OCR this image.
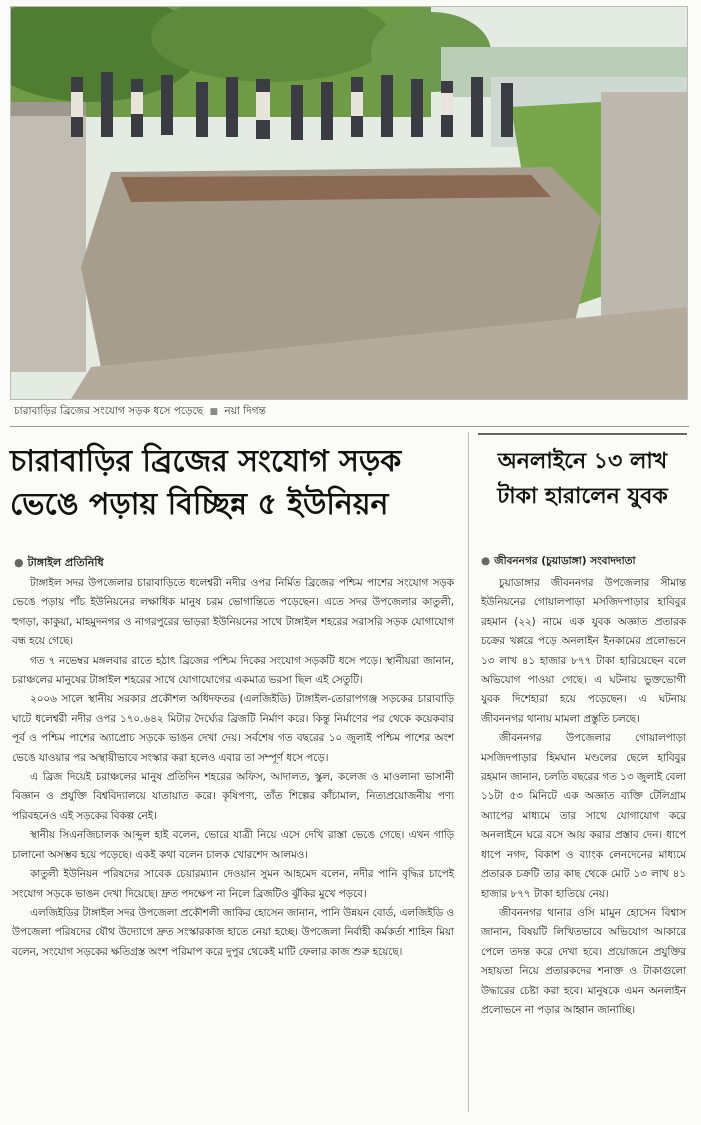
চারাবাড়ির ব্রিজের সংযোগ সড়ক ধসে পড়েছে ■ নয়া দিগন্ত
চারাবাড়ির ব্রিজের সংযোগ সড়ক ভেঙে পড়ায় বিচ্ছিন্ন ৫ ইউনিয়ন
● টাঙ্গাইল প্রতিনিধি

টাঙ্গাইল সদর উপজেলার চারাবাড়িতে ধলেশ্বরী নদীর ওপর নির্মিত ব্রিজের পশ্চিম পাশের সংযোগ সড়ক ভেঙে পড়ায় পাঁচ ইউনিয়নের লক্ষাধিক মানুষ চরম ভোগান্তিতে পড়েছেন। এতে সদর উপজেলার কাতুলী, হুগড়া, কাকুয়া, মাহমুদনগর ও নাগরপুরের ভাড়রা ইউনিয়নের সাথে টাঙ্গাইল শহরের সরাসরি সড়ক যোগাযোগ বন্ধ হয়ে গেছে।

গত ৭ নভেম্বর মঙ্গলবার রাতে হঠাৎ ব্রিজের পশ্চিম দিকের সংযোগ সড়কটি ধসে পড়ে। স্থানীয়রা জানান, চরাঞ্চলের মানুষের টাঙ্গাইল শহরের সাথে যোগাযোগের একমাত্র ভরসা ছিল এই সেতুটি।

২০০৬ সালে স্থানীয় সরকার প্রকৌশল অধিদফতর (এলজিইডি) টাঙ্গাইল-তোরাপগঞ্জ সড়কের চারাবাড়ি ঘাটে ধলেশ্বরী নদীর ওপর ১৭০.৬৪২ মিটার দৈর্ঘ্যের ব্রিজটি নির্মাণ করে। কিন্তু নির্মাণের পর থেকে কয়েকবার পূর্ব ও পশ্চিম পাশের অ্যাপ্রোচ সড়কে ভাঙন দেখা দেয়। সর্বশেষ গত বছরের ১০ জুলাই পশ্চিম পাশের অংশ ভেঙে যাওয়ার পর অস্থায়ীভাবে সংস্কার করা হলেও এবার তা সম্পূর্ণ ধসে পড়ে।

এ ব্রিজ দিয়েই চরাঞ্চলের মানুষ প্রতিদিন শহরের অফিস, আদালত, স্কুল, কলেজ ও মাওলানা ভাসানী বিজ্ঞান ও প্রযুক্তি বিশ্ববিদ্যালয়ে যাতায়াত করে। কৃষিপণ্য, তাঁত শিল্পের কাঁচামাল, নিত্যপ্রয়োজনীয় পণ্য পরিবহনেও এই সড়কের বিকল্প নেই।

স্থানীয় সিএনজিচালক আব্দুল হাই বলেন, ভোরে যাত্রী নিয়ে এসে দেখি রাস্তা ভেঙে গেছে। এখন গাড়ি চালানো অসম্ভব হয়ে পড়েছে। একই কথা বলেন চালক খোরশেদ আলমও।

কাতুলী ইউনিয়ন পরিষদের সাবেক চেয়ারম্যান দেওয়ান সুমন আহমেদ বলেন, নদীর পানি বৃদ্ধির চাপেই সংযোগ সড়কে ভাঙন দেখা দিয়েছে। দ্রুত পদক্ষেপ না নিলে ব্রিজটিও ঝুঁকির মুখে পড়বে।

এলজিইডির টাঙ্গাইল সদর উপজেলা প্রকৌশলী জাকির হোসেন জানান, পানি উন্নয়ন বোর্ড, এলজিইডি ও উপজেলা পরিষদের যৌথ উদ্যোগে দ্রুত সংস্কারকাজ হাতে নেয়া হচ্ছে। উপজেলা নির্বাহী কর্মকর্তা শাহিন মিয়া বলেন, সংযোগ সড়কের ক্ষতিগ্রস্ত অংশ পরিমাপ করে দুপুর থেকেই মাটি ফেলার কাজ শুরু হয়েছে।

অনলাইনে ১৩ লাখ টাকা হারালেন যুবক
● জীবননগর (চুয়াডাঙ্গা) সংবাদদাতা

চুয়াডাঙ্গার জীবননগর উপজেলার সীমান্ত ইউনিয়নের গোয়ালপাড়া মসজিদপাড়ার হাবিবুর রহমান (২২) নামে এক যুবক অজ্ঞাত প্রতারক চক্রের খপ্পরে পড়ে অনলাইন ইনকামের প্রলোভনে ১৩ লাখ ৪১ হাজার ৮৭৭ টাকা হারিয়েছেন বলে অভিযোগ পাওয়া গেছে। এ ঘটনায় ভুক্তভোগী যুবক দিশেহারা হয়ে পড়েছেন। এ ঘটনায় জীবননগর থানায় মামলা প্রস্তুতি চলছে।

জীবননগর উপজেলার গোয়ালপাড়া মসজিদপাড়ার হিমঘান মণ্ডলের ছেলে হাবিবুর রহমান জানান, চলতি বছরের গত ১৩ জুলাই বেলা ১১টা ৫৩ মিনিটে এক অজ্ঞাত ব্যক্তি টেলিগ্রাম অ্যাপের মাধ্যমে তার সাথে যোগাযোগ করে অনলাইনে ঘরে বসে আয় করার প্রস্তাব দেন। ধাপে ধাপে নগদ, বিকাশ ও ব্যাংক লেনদেনের মাধ্যমে প্রতারক চক্রটি তার কাছ থেকে মোট ১৩ লাখ ৪১ হাজার ৮৭৭ টাকা হাতিয়ে নেয়।

জীবননগর থানার ওসি মামুন হোসেন বিশ্বাস জানান, বিষয়টি লিখিতভাবে অভিযোগ আকারে পেলে তদন্ত করে দেখা হবে। প্রয়োজনে প্রযুক্তির সহায়তা নিয়ে প্রতারকদের শনাক্ত ও টাকাগুলো উদ্ধারের চেষ্টা করা হবে। মানুষকে এমন অনলাইন প্রলোভনে না পড়ার আহ্বান জানাচ্ছি।
